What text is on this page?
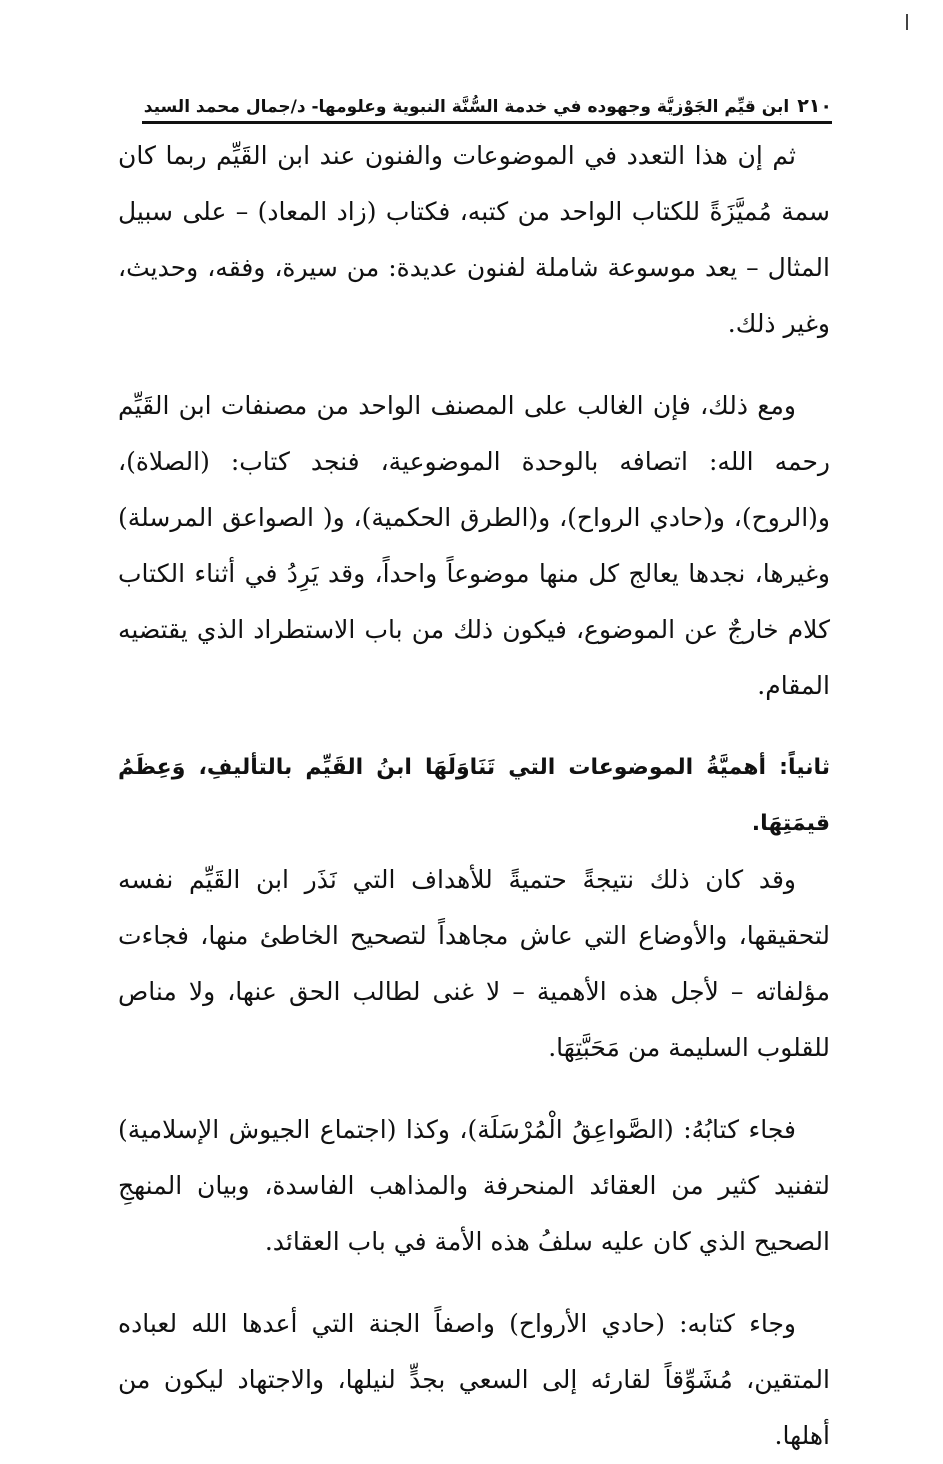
٢١٠
ابن قيِّم الجَوْزيَّة وجهوده في خدمة السُّنَّة النبوية وعلومها- د/جمال محمد السيد

ثم إن هذا التعدد في الموضوعات والفنون عند ابن القَيِّم ربما كان سمة مُميَّزَةً للكتاب الواحد من كتبه، فكتاب (زاد المعاد) – على سبيل المثال – يعد موسوعة شاملة لفنون عديدة: من سيرة، وفقه، وحديث، وغير ذلك.

ومع ذلك، فإن الغالب على المصنف الواحد من مصنفات ابن القَيِّم رحمه الله: اتصافه بالوحدة الموضوعية، فنجد كتاب: (الصلاة)، و(الروح)، و(حادي الرواح)، و(الطرق الحكمية)، و( الصواعق المرسلة) وغيرها، نجدها يعالج كل منها موضوعاً واحداً، وقد يَرِدُ في أثناء الكتاب كلام خارجٌ عن الموضوع، فيكون ذلك من باب الاستطراد الذي يقتضيه المقام.

ثانياً: أهميَّةُ الموضوعات التي تَنَاوَلَهَا ابنُ القَيِّم بالتأليفِ، وَعِظَمُ قيمَتِهَا.

وقد كان ذلك نتيجةً حتميةً للأهداف التي نَذَر ابن القَيِّم نفسه لتحقيقها، والأوضاع التي عاش مجاهداً لتصحيح الخاطئ منها، فجاءت مؤلفاته – لأجل هذه الأهمية – لا غنى لطالب الحق عنها، ولا مناص للقلوب السليمة من مَحَبَّتِهَا.

فجاء كتابُهُ: (الصَّواعِقُ الْمُرْسَلَة)، وكذا (اجتماع الجيوش الإسلامية) لتفنيد كثير من العقائد المنحرفة والمذاهب الفاسدة، وبيان المنهجِ الصحيح الذي كان عليه سلفُ هذه الأمة في باب العقائد.

وجاء كتابه: (حادي الأرواح) واصفاً الجنة التي أعدها الله لعباده المتقين، مُشَوِّقاً لقارئه إلى السعي بجدٍّ لنيلها، والاجتهاد ليكون من أهلها.
